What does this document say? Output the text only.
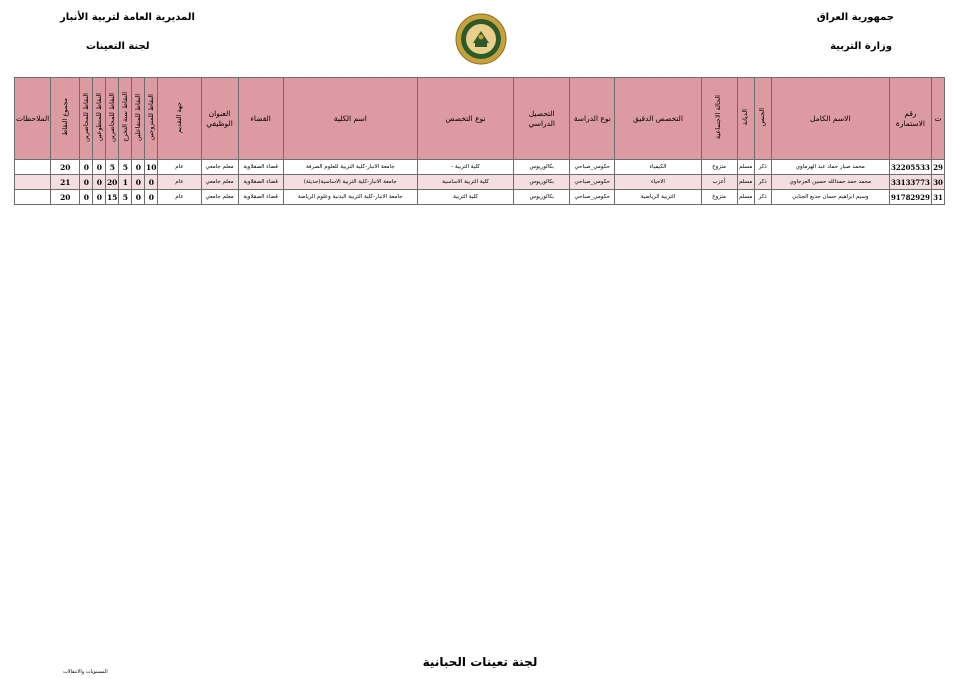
جمهورية العراق
وزارة التربية
المديرية العامة لتربية الأنبار
لجنة التعينات
ت	رقم الاستمارة	الاسم الكامل	الجنس	الديانة	الحالة الاجتماعية	التخصص الدقيق	نوع الدراسة	التحصيل الدراسي	نوع التخصص	اسم الكلية	القضاء	العنوان الوظيفي	جهة التقديم	النقاط للمتزوجين	النقاط للمتفاعلين	النقاط سنة التخرج	النقاط للمحاضرين	النقاط للمتطوعين	النقاط للمحاضرين	مجموع النقاط	الملاحظات
29	32205533	محمد صبار حماد عبد الهرماوي	ذكر	مسلم	متزوج	الكيمياء	حكومي_صباحي	بكالوريوس	كلية التربية -	جامعة الانبار-كلية التربية للعلوم الصرفة	قضاء الصقلاوية	معلم جامعي	عام	10	0	5	5	0	0	20	
30	33133773	محمد حمد حمدالله حسين العرجاوي	ذكر	مسلم	أعزب	الاحياء	حكومي_صباحي	بكالوريوس	كلية التربية الاساسية	جامعة الانبار-كلية التربية الاساسية(حديثة)	قضاء الصقلاوية	معلم جامعي	عام	0	0	1	20	0	0	21	
31	91782929	وسيم ابراهيم حسان جديع الجنابي	ذكر	مسلم	متزوج	التربية الرياضية	حكومي_صباحي	بكالوريوس	كلية التربية	جامعة الانبار-كلية التربية البدنية وعلوم الرياضة	قضاء الصقلاوية	معلم جامعي	عام	0	0	5	15	0	0	20	
لجنة تعينات الحبانية
المستويات والانتقالات
